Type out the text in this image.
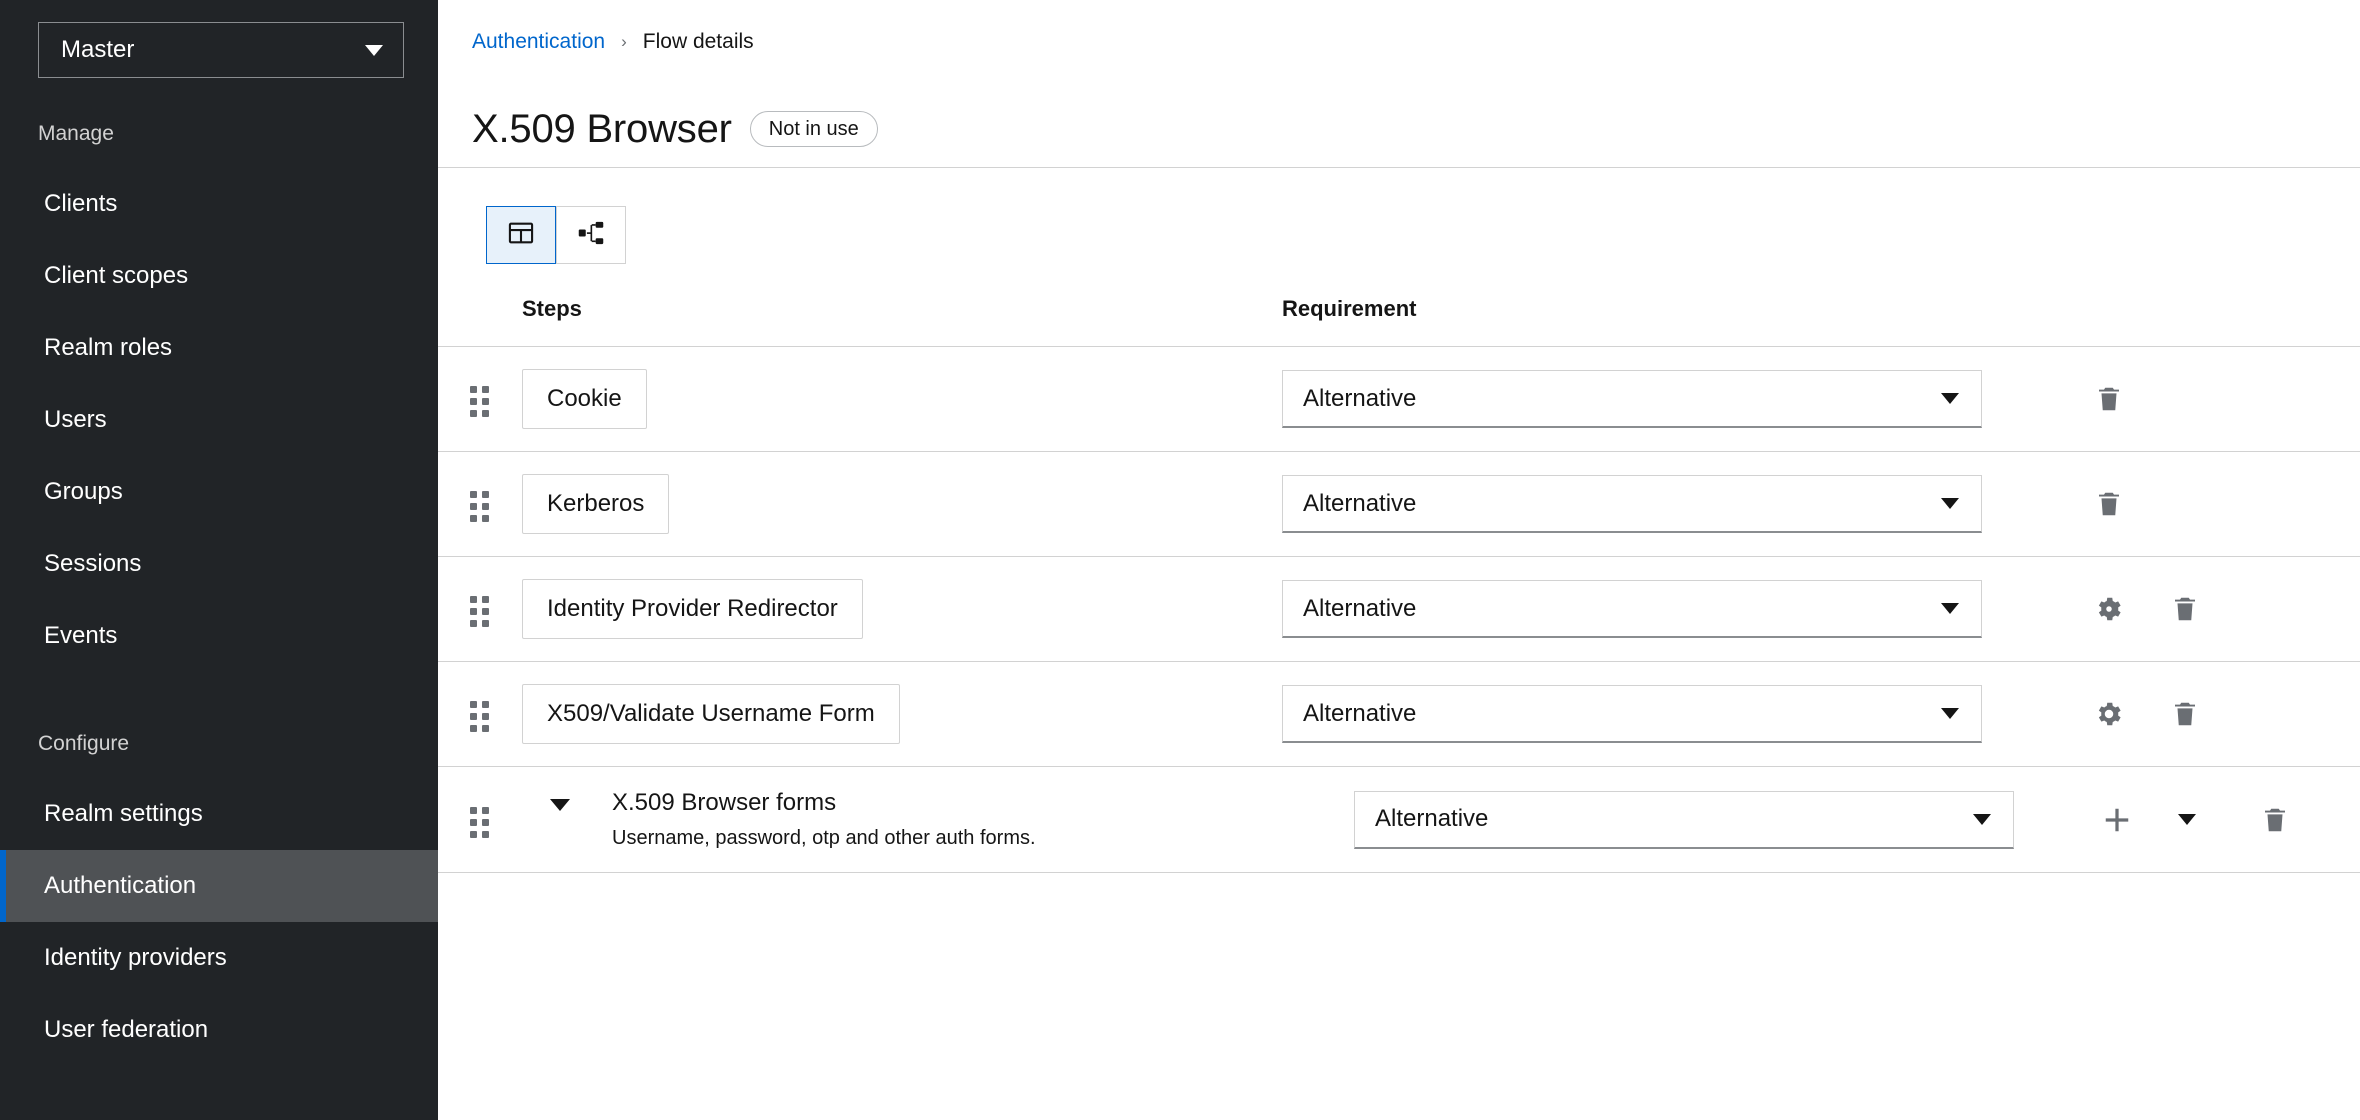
Master
Manage
Clients
Client scopes
Realm roles
Users
Groups
Sessions
Events
Configure
Realm settings
Authentication
Identity providers
User federation
Authentication › Flow details
X.509 Browser	Not in use
	Steps	Requirement	

	Cookie	Alternative

	Kerberos	Alternative

	Identity Provider Redirector	Alternative

	X509/Validate Username Form	Alternative

	X.509 Browser forms
Username, password, otp and other auth forms.	Alternative
